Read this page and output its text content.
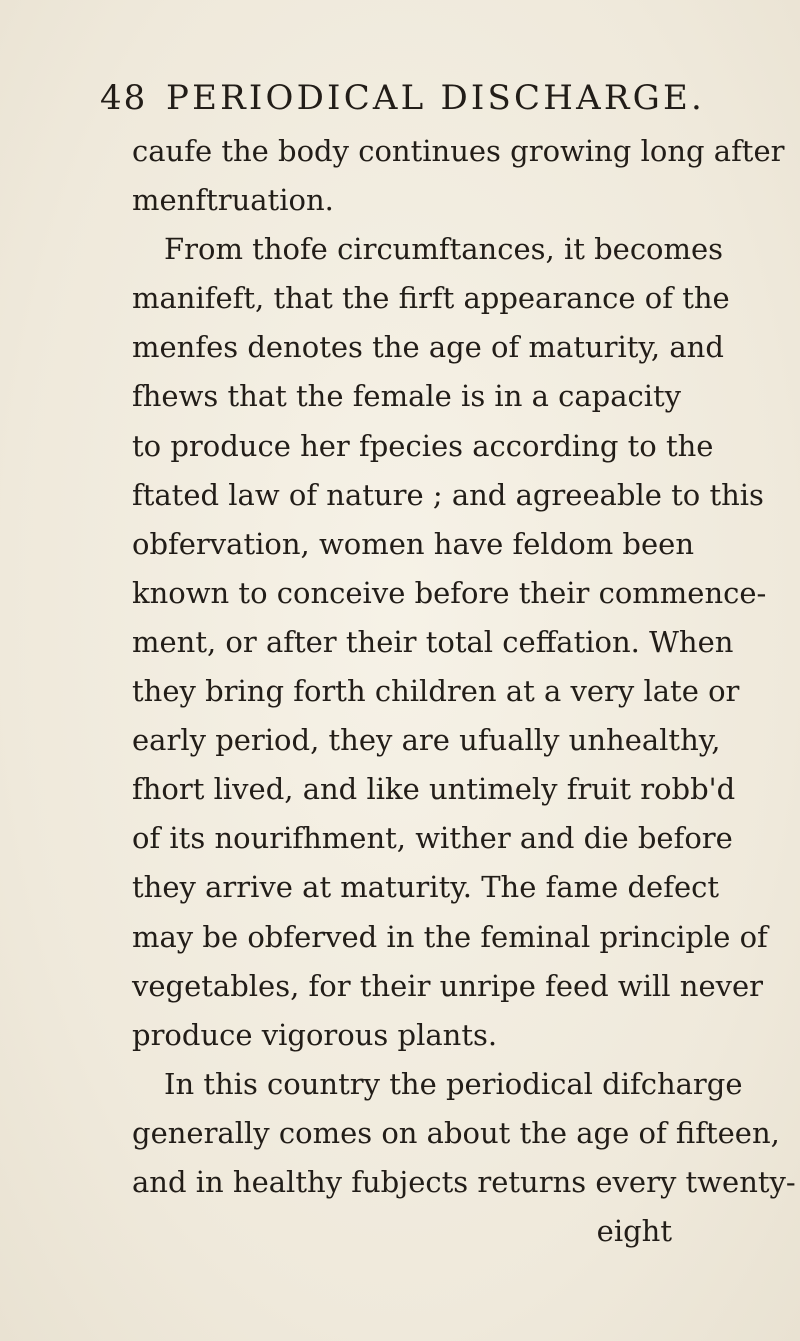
48 PERIODICAL DISCHARGE.
caufe the body continues growing long after
menftruation.
From thofe circumftances, it becomes
manifeft, that the firft appearance of the
menfes denotes the age of maturity, and
fhews that the female is in a capacity
to produce her fpecies according to the
ftated law of nature ; and agreeable to this
obfervation, women have feldom been
known to conceive before their commence-
ment, or after their total ceffation. When
they bring forth children at a very late or
early period, they are ufually unhealthy,
fhort lived, and like untimely fruit robb'd
of its nourifhment, wither and die before
they arrive at maturity. The fame defect
may be obferved in the feminal principle of
vegetables, for their unripe feed will never
produce vigorous plants.
In this country the periodical difcharge
generally comes on about the age of fifteen,
and in healthy fubjects returns every twenty-
eight
